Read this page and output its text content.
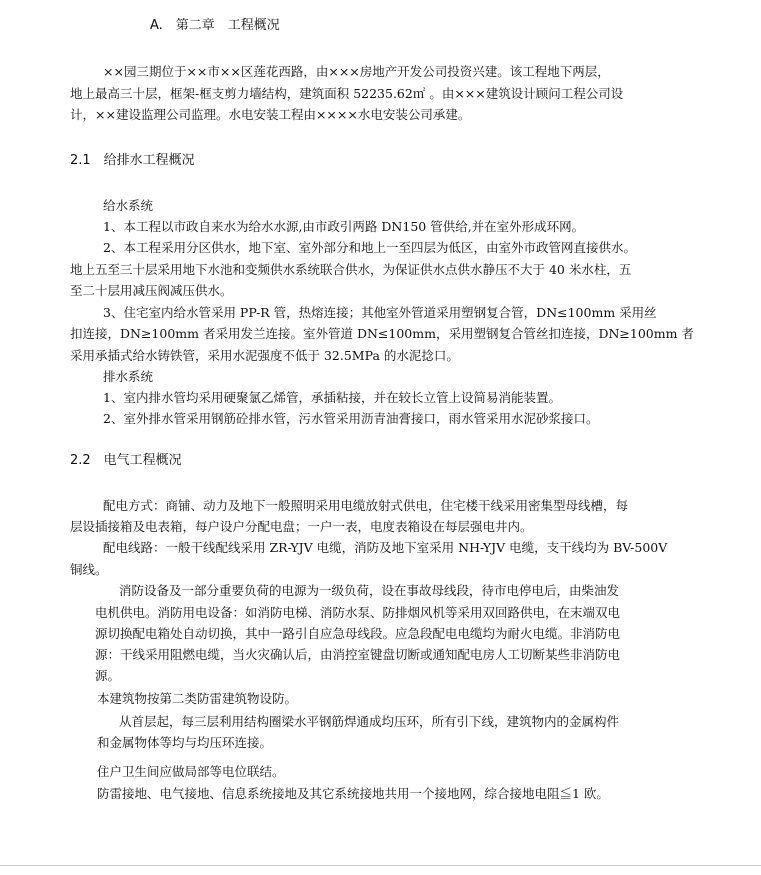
A.　第二章　工程概况
××园三期位于××市××区莲花西路，由×××房地产开发公司投资兴建。该工程地下两层，
地上最高三十层，框架-框支剪力墙结构，建筑面积 52235.62㎡ 。由×××建筑设计顾问工程公司设
计，××建设监理公司监理。水电安装工程由××××水电安装公司承建。
2.1　给排水工程概况
给水系统
1、本工程以市政自来水为给水水源,由市政引两路 DN150 管供给,并在室外形成环网。
2、本工程采用分区供水，地下室、室外部分和地上一至四层为低区，由室外市政管网直接供水。
地上五至三十层采用地下水池和变频供水系统联合供水，为保证供水点供水静压不大于 40 米水柱，五
至二十层用减压阀减压供水。
3、住宅室内给水管采用 PP-R 管，热熔连接；其他室外管道采用塑钢复合管，DN≤100mm 采用丝
扣连接，DN≥100mm 者采用发兰连接。室外管道 DN≤100mm，采用塑钢复合管丝扣连接，DN≥100mm 者
采用承插式给水铸铁管，采用水泥强度不低于 32.5MPa 的水泥捻口。
排水系统
1、室内排水管均采用硬聚氯乙烯管，承插粘接，并在较长立管上设简易消能装置。
2、室外排水管采用钢筋砼排水管，污水管采用沥青油膏接口，雨水管采用水泥砂浆接口。
2.2　电气工程概况
配电方式：商铺、动力及地下一般照明采用电缆放射式供电，住宅楼干线采用密集型母线槽，每
层设插接箱及电表箱，每户设户分配电盘；一户一表，电度表箱设在每层强电井内。
配电线路：一般干线配线采用 ZR-YJV 电缆，消防及地下室采用 NH-YJV 电缆，支干线均为 BV-500V
铜线。
消防设备及一部分重要负荷的电源为一级负荷，设在事故母线段，待市电停电后，由柴油发
电机供电。消防用电设备：如消防电梯、消防水泵、防排烟风机等采用双回路供电，在末端双电
源切换配电箱处自动切换，其中一路引自应急母线段。应急段配电电缆均为耐火电缆。非消防电
源：干线采用阻燃电缆，当火灾确认后，由消控室键盘切断或通知配电房人工切断某些非消防电
源。
本建筑物按第二类防雷建筑物设防。
从首层起，每三层利用结构圈梁水平钢筋焊通成均压环，所有引下线，建筑物内的金属构件
和金属物体等均与均压环连接。
住户卫生间应做局部等电位联结。
防雷接地、电气接地、信息系统接地及其它系统接地共用一个接地网，综合接地电阻≦1 欧。
